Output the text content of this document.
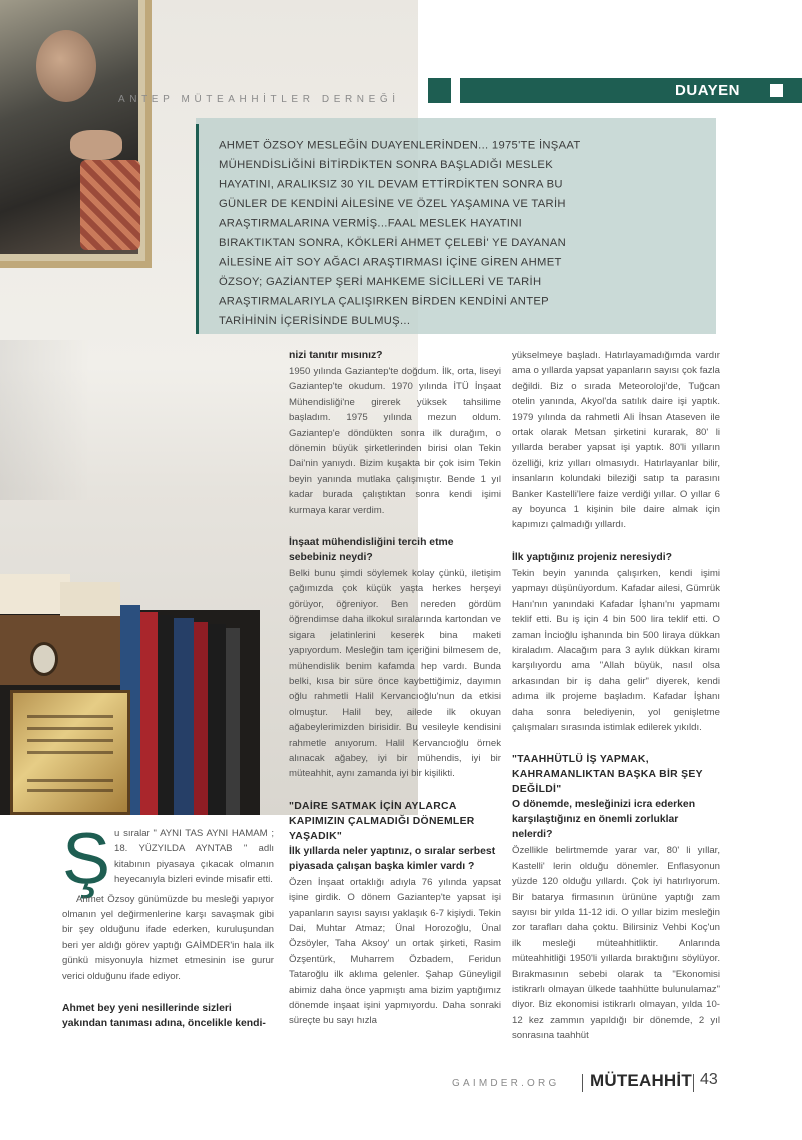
ANTEP MÜTEAHHİTLER DERNEĞİ
DUAYEN
AHMET ÖZSOY MESLEĞİN DUAYENLERİNDEN... 1975'TE İNŞAAT MÜHENDİSLİĞİNİ BİTİRDİKTEN SONRA BAŞLADIĞI MESLEK HAYATINI, ARALIKSIZ 30 YIL DEVAM ETTİRDİKTEN SONRA BU GÜNLER DE KENDİNİ AİLESİNE VE ÖZEL YAŞAMINA VE TARİH ARAŞTIRMALARINA VERMİŞ...FAAL MESLEK HAYATINI BIRAKTIKTAN SONRA, KÖKLERİ AHMET ÇELEBİ' YE DAYANAN AİLESİNE AİT SOY AĞACI ARAŞTIRMASI İÇİNE GİREN AHMET ÖZSOY; GAZİANTEP ŞERİ MAHKEME SİCİLLERİ VE TARİH ARAŞTIRMALARIYLA ÇALIŞIRKEN BİRDEN KENDİNİ ANTEP TARİHİNİN İÇERİSİNDE BULMUŞ...
Ş u sıralar " AYNI TAS AYNI HAMAM ; 18. YÜZYILDA AYNTAB " adlı kitabının piyasaya çıkacak olmanın heyecanıyla bizleri evinde misafir etti.

Ahmet Özsoy günümüzde bu mesleği yapıyor olmanın yel değirmenlerine karşı savaşmak gibi bir şey olduğunu ifade ederken, kuruluşundan beri yer aldığı görev yaptığı GAİMDER'in hala ilk günkü misyonuyla hizmet etmesinin ise gurur verici olduğunu ifade ediyor.

Ahmet bey yeni nesillerinde sizleri yakından tanıması adına, öncelikle kendi-
nizi tanıtır mısınız?

1950 yılında Gaziantep'te doğdum. İlk, orta, liseyi Gaziantep'te okudum. 1970 yılında İTÜ İnşaat Mühendisliği'ne girerek yüksek tahsilime başladım. 1975 yılında mezun oldum. Gaziantep'e döndükten sonra ilk durağım, o dönemin büyük şirketlerinden birisi olan Tekin Dai'nin yanıydı. Bizim kuşakta bir çok isim Tekin beyin yanında mutlaka çalışmıştır. Bende 1 yıl kadar burada çalıştıktan sonra kendi işimi kurmaya karar verdim.

İnşaat mühendisliğini tercih etme sebebiniz neydi?

Belki bunu şimdi söylemek kolay çünkü, iletişim çağımızda çok küçük yaşta herkes herşeyi görüyor, öğreniyor. Ben nereden gördüm öğrendimse daha ilkokul sıralarında kartondan ve sigara jelatinlerini keserek bina maketi yapıyordum. Mesleğin tam içeriğini bilmesem de, mühendislik benim kafamda hep vardı. Bunda belki, kısa bir süre önce kaybettiğimiz, dayımın oğlu rahmetli Halil Kervancıoğlu'nun da etkisi olmuştur. Halil bey, ailede ilk okuyan ağabeylerimizden birisidir. Bu vesileyle kendisini rahmetle anıyorum. Halil Kervancıoğlu örnek alınacak ağabey, iyi bir mühendis, iyi bir müteahhit, aynı zamanda iyi bir kişilikti.

"DAİRE SATMAK İÇİN AYLARCA KAPIMIZIN ÇALMADIĞI DÖNEMLER YAŞADIK"
İlk yıllarda neler yaptınız, o sıralar serbest piyasada çalışan başka kimler vardı ?

Özen İnşaat ortaklığı adıyla 76 yılında yapsat işine girdik. O dönem Gaziantep'te yapsat işi yapanların sayısı sayısı yaklaşık 6-7 kişiydi. Tekin Dai, Muhtar Atmaz; Ünal Horozoğlu, Ünal Özsöyler, Taha Aksoy' un ortak şirketi, Rasim Özşentürk, Muharrem Özbadem, Feridun Tataroğlu ilk aklıma gelenler. Şahap Güneyligil abimiz daha önce yapmıştı ama bizim yaptığımız dönemde inşaat işini yapmıyordu. Daha sonraki süreçte bu sayı hızla

yükselmeye başladı. Hatırlayamadığımda vardır ama o yıllarda yapsat yapanların sayısı çok fazla değildi. Biz o sırada Meteoroloji'de, Tuğcan otelin yanında, Akyol'da satılık daire işi yaptık. 1979 yılında da rahmetli Ali İhsan Ataseven ile ortak olarak Metsan şirketini kurarak, 80' li yıllarda beraber yapsat işi yaptık. 80'li yılların özelliği, kriz yılları olmasıydı. Hatırlayanlar bilir, insanların kolundaki bileziği satıp ta parasını Banker Kastelli'lere faize verdiği yıllar. O yıllar 6 ay boyunca 1 kişinin bile daire almak için kapımızı çalmadığı yıllardı.

İlk yaptığınız projeniz neresiydi?

Tekin beyin yanında çalışırken, kendi işimi yapmayı düşünüyordum. Kafadar ailesi, Gümrük Hanı'nın yanındaki Kafadar İşhanı'nı yapmamı teklif etti. Bu iş için 4 bin 500 lira teklif etti. O zaman İncioğlu işhanında bin 500 liraya dükkan kiraladım. Alacağım para 3 aylık dükkan kiramı karşılıyordu ama "Allah büyük, nasıl olsa arkasından bir iş daha gelir" diyerek, kendi adıma ilk projeme başladım. Kafadar İşhanı daha sonra belediyenin, yol genişletme çalışmaları sırasında istimlak edilerek yıkıldı.

"TAAHHÜTLÜ İŞ YAPMAK, KAHRAMANLIKTAN BAŞKA BİR ŞEY DEĞİLDİ"
O dönemde, mesleğinizi icra ederken karşılaştığınız en önemli zorluklar nelerdi?

Özellikle belirtmemde yarar var, 80' li yıllar, Kastelli' lerin olduğu dönemler. Enflasyonun yüzde 120 olduğu yıllardı. Çok iyi hatırlıyorum. Bir batarya firmasının ürününe yaptığı zam sayısı bir yılda 11-12 idi. O yıllar bizim mesleğin zor tarafları daha çoktu. Bilirsiniz Vehbi Koç'un ilk mesleği müteahhitliktir. Anlarında müteahhitliği 1950'li yıllarda bıraktığını söylüyor. Bırakmasının sebebi olarak ta "Ekonomisi istikrarlı olmayan ülkede taahhütte bulunulamaz" diyor. Biz ekonomisi istikrarlı olmayan, yılda 10-12 kez zammın yapıldığı bir dönemde, 2 yıl sonrasına taahhüt

GAIMDER.ORG MÜTEAHHİT 43
